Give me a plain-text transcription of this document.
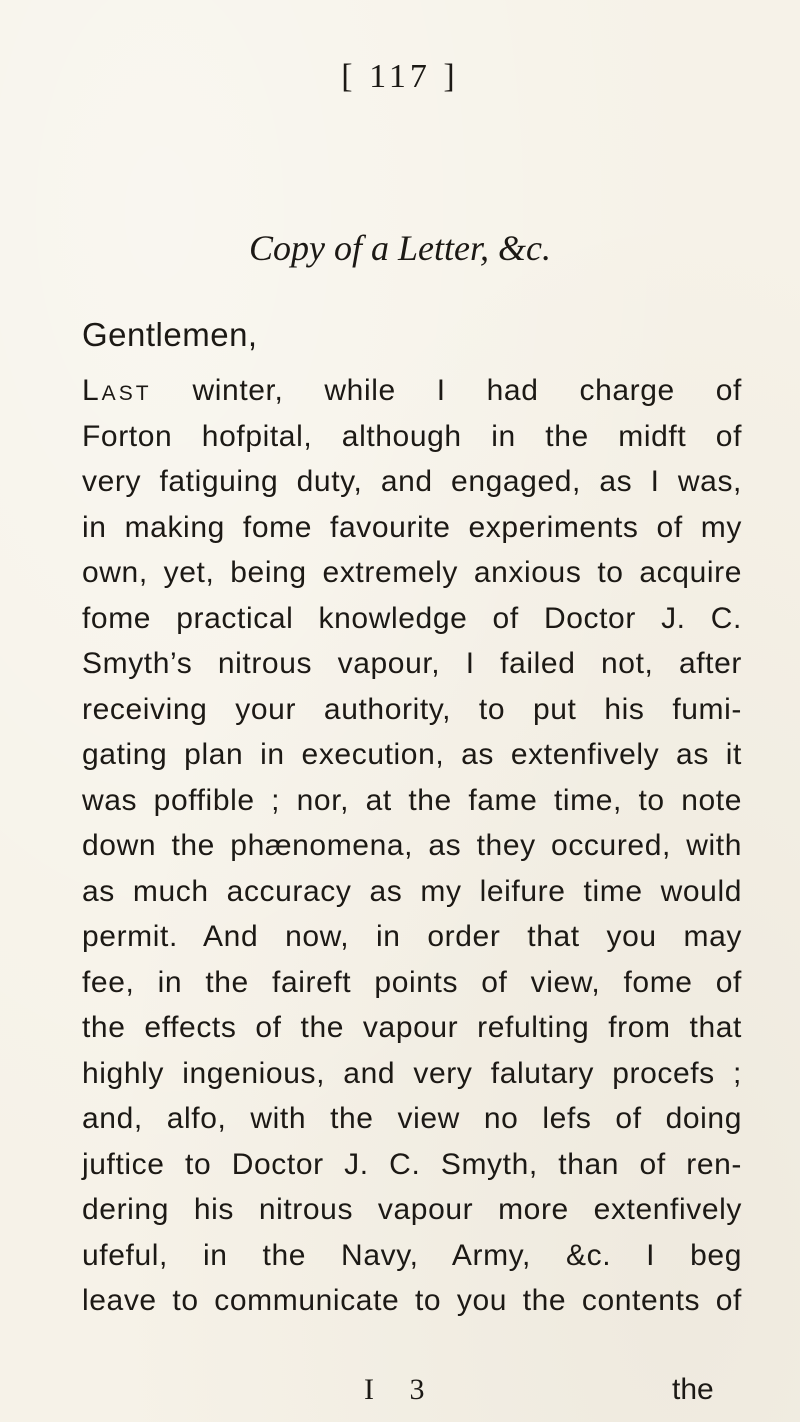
[ 117 ]
Copy of a Letter, &c.
Gentlemen,
Last winter, while I had charge of
Forton hofpital, although in the midft of
very fatiguing duty, and engaged, as I was,
in making fome favourite experiments of my
own, yet, being extremely anxious to acquire
fome practical knowledge of Doctor J. C.
Smyth’s nitrous vapour, I failed not, after
receiving your authority, to put his fumi-
gating plan in execution, as extenfively as it
was poffible ; nor, at the fame time, to note
down the phænomena, as they occured, with
as much accuracy as my leifure time would
permit. And now, in order that you may
fee, in the faireft points of view, fome of
the effects of the vapour refulting from that
highly ingenious, and very falutary procefs ;
and, alfo, with the view no lefs of doing
juftice to Doctor J. C. Smyth, than of ren-
dering his nitrous vapour more extenfively
ufeful, in the Navy, Army, &c. I beg
leave to communicate to you the contents of
I 3	the
